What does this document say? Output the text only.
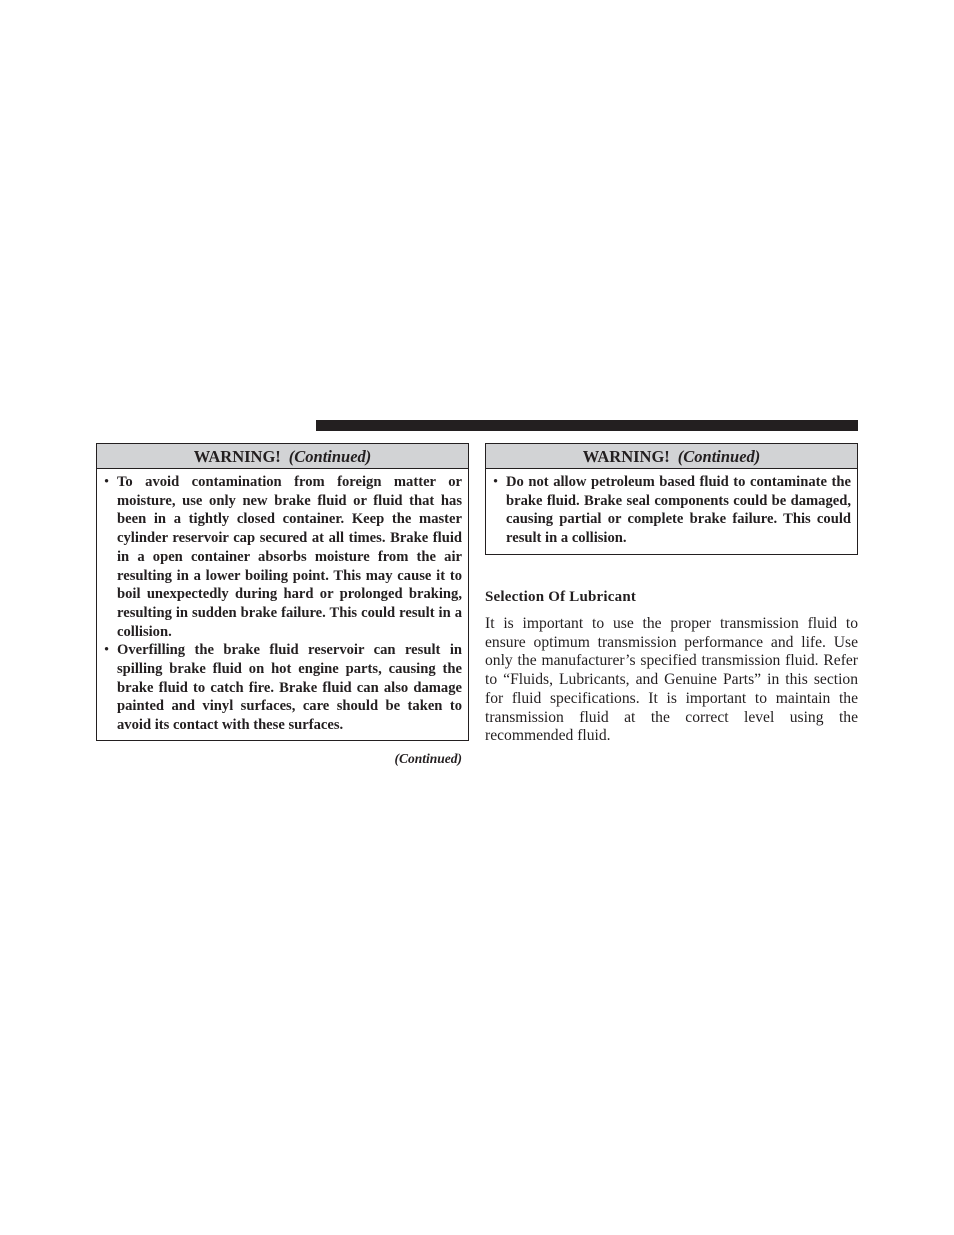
WARNING! (Continued)
• To avoid contamination from foreign matter or moisture, use only new brake fluid or fluid that has been in a tightly closed container. Keep the master cylinder reservoir cap secured at all times. Brake fluid in a open container absorbs moisture from the air resulting in a lower boiling point. This may cause it to boil unexpectedly during hard or prolonged braking, resulting in sudden brake failure. This could result in a collision.
• Overfilling the brake fluid reservoir can result in spilling brake fluid on hot engine parts, causing the brake fluid to catch fire. Brake fluid can also damage painted and vinyl surfaces, care should be taken to avoid its contact with these surfaces.
(Continued)
WARNING! (Continued)
• Do not allow petroleum based fluid to contaminate the brake fluid. Brake seal components could be damaged, causing partial or complete brake failure. This could result in a collision.
Selection Of Lubricant

It is important to use the proper transmission fluid to ensure optimum transmission performance and life. Use only the manufacturer’s specified transmission fluid. Refer to “Fluids, Lubricants, and Genuine Parts” in this section for fluid specifications. It is important to maintain the transmission fluid at the correct level using the recommended fluid.
